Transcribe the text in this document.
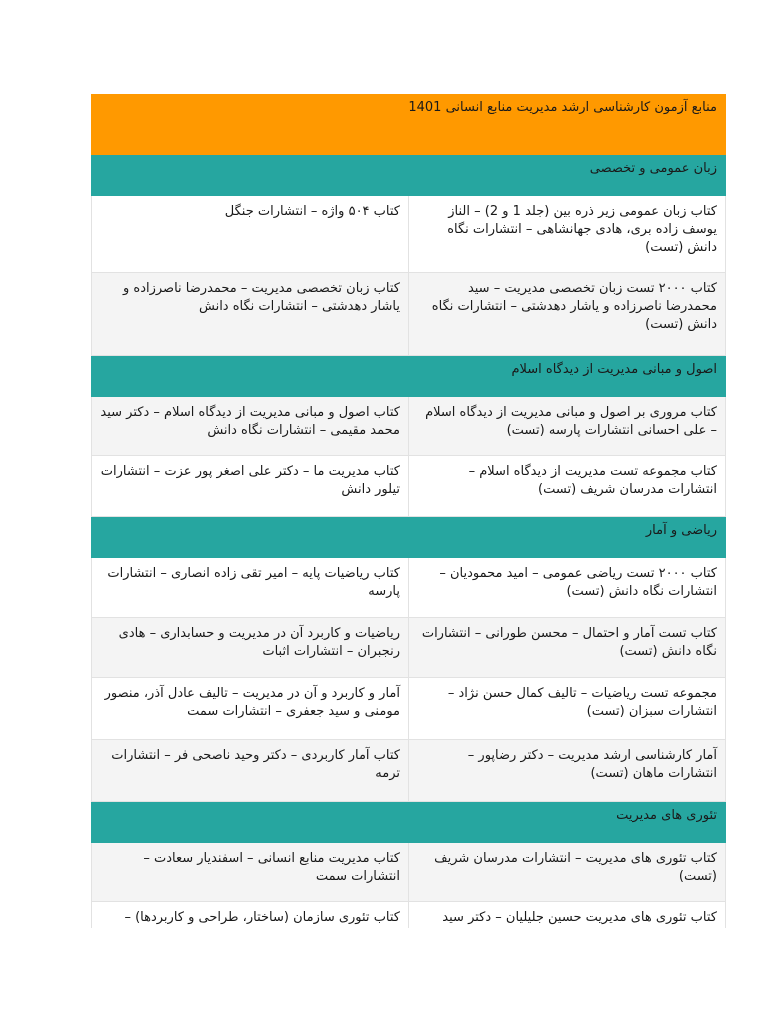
منابع آزمون کارشناسی ارشد مدیریت منابع انسانی 1401	
زبان عمومی و تخصصی	
کتاب زبان عمومی زیر ذره بین (جلد 1 و 2) – الناز یوسف زاده بری، هادی جهانشاهی – انتشارات نگاه دانش (تست)	کتاب ۵۰۴ واژه – انتشارات جنگل
کتاب ۲۰۰۰ تست زبان تخصصی مدیریت – سید محمدرضا ناصرزاده و یاشار دهدشتی – انتشارات نگاه دانش (تست)	کتاب زبان تخصصی مدیریت – محمدرضا ناصرزاده و یاشار دهدشتی – انتشارات نگاه دانش
اصول و مبانی مدیریت از دیدگاه اسلام	
کتاب مروری بر اصول و مبانی مدیریت از دیدگاه اسلام – علی احسانی انتشارات پارسه (تست)	کتاب اصول و مبانی مدیریت از دیدگاه اسلام – دکتر سید محمد مقیمی – انتشارات نگاه دانش
کتاب مجموعه تست مدیریت از دیدگاه اسلام – انتشارات مدرسان شریف (تست)	کتاب مدیریت ما – دکتر علی اصغر پور عزت – انتشارات تیلور دانش
ریاضی و آمار	
کتاب ۲۰۰۰ تست ریاضی عمومی – امید محمودیان – انتشارات نگاه دانش (تست)	کتاب ریاضیات پایه – امیر تقی زاده انصاری – انتشارات پارسه
کتاب تست آمار و احتمال – محسن طورانی – انتشارات نگاه دانش (تست)	ریاضیات و کاربرد آن در مدیریت و حسابداری – هادی رنجبران – انتشارات اثبات
مجموعه تست ریاضیات – تالیف کمال حسن نژاد – انتشارات سبزان (تست)	آمار و کاربرد و آن در مدیریت – تالیف عادل آذر، منصور مومنی و سید جعفری – انتشارات سمت
آمار کارشناسی ارشد مدیریت – دکتر رضاپور – انتشارات ماهان (تست)	کتاب آمار کاربردی – دکتر وحید ناصحی فر – انتشارات ترمه
تئوری های مدیریت	
کتاب تئوری های مدیریت – انتشارات مدرسان شریف (تست)	کتاب مدیریت منابع انسانی – اسفندیار سعادت – انتشارات سمت
کتاب تئوری های مدیریت حسین جلیلیان – دکتر سید	کتاب تئوری سازمان (ساختار، طراحی و کاربردها) –
